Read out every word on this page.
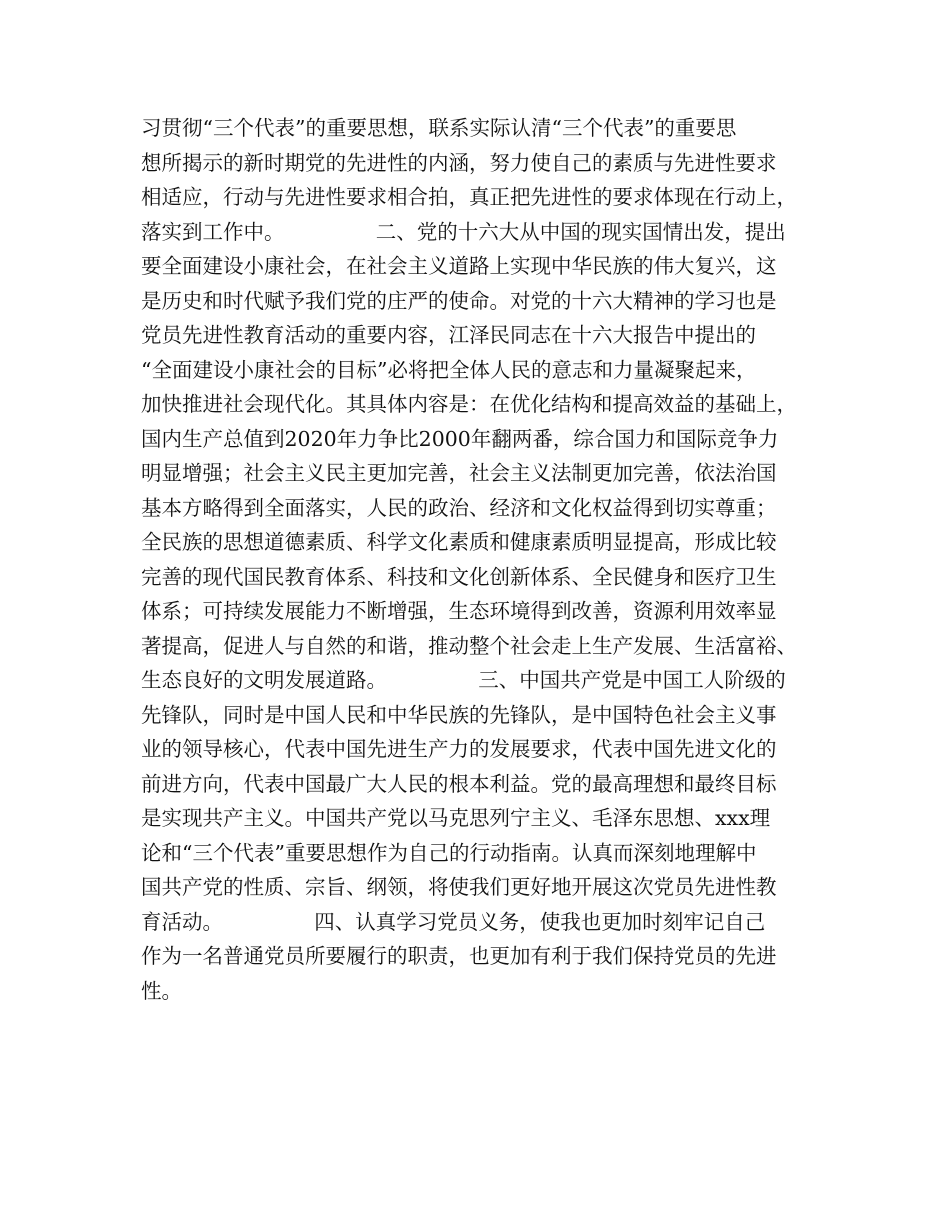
习贯彻“三个代表”的重要思想，联系实际认清“三个代表”的重要思
想所揭示的新时期党的先进性的内涵，努力使自己的素质与先进性要求
相适应，行动与先进性要求相合拍，真正把先进性的要求体现在行动上，
落实到工作中。              二、党的十六大从中国的现实国情出发，提出
要全面建设小康社会，在社会主义道路上实现中华民族的伟大复兴，这
是历史和时代赋予我们党的庄严的使命。对党的十六大精神的学习也是
党员先进性教育活动的重要内容，江泽民同志在十六大报告中提出的
“全面建设小康社会的目标”必将把全体人民的意志和力量凝聚起来，
加快推进社会现代化。其具体内容是：在优化结构和提高效益的基础上，
国内生产总值到2020年力争比2000年翻两番，综合国力和国际竞争力
明显增强；社会主义民主更加完善，社会主义法制更加完善，依法治国
基本方略得到全面落实，人民的政治、经济和文化权益得到切实尊重；
全民族的思想道德素质、科学文化素质和健康素质明显提高，形成比较
完善的现代国民教育体系、科技和文化创新体系、全民健身和医疗卫生
体系；可持续发展能力不断增强，生态环境得到改善，资源利用效率显
著提高，促进人与自然的和谐，推动整个社会走上生产发展、生活富裕、
生态良好的文明发展道路。              三、中国共产党是中国工人阶级的
先锋队，同时是中国人民和中华民族的先锋队，是中国特色社会主义事
业的领导核心，代表中国先进生产力的发展要求，代表中国先进文化的
前进方向，代表中国最广大人民的根本利益。党的最高理想和最终目标
是实现共产主义。中国共产党以马克思列宁主义、毛泽东思想、xxx理
论和“三个代表”重要思想作为自己的行动指南。认真而深刻地理解中
国共产党的性质、宗旨、纲领，将使我们更好地开展这次党员先进性教
育活动。              四、认真学习党员义务，使我也更加时刻牢记自己
作为一名普通党员所要履行的职责，也更加有利于我们保持党员的先进
性。
